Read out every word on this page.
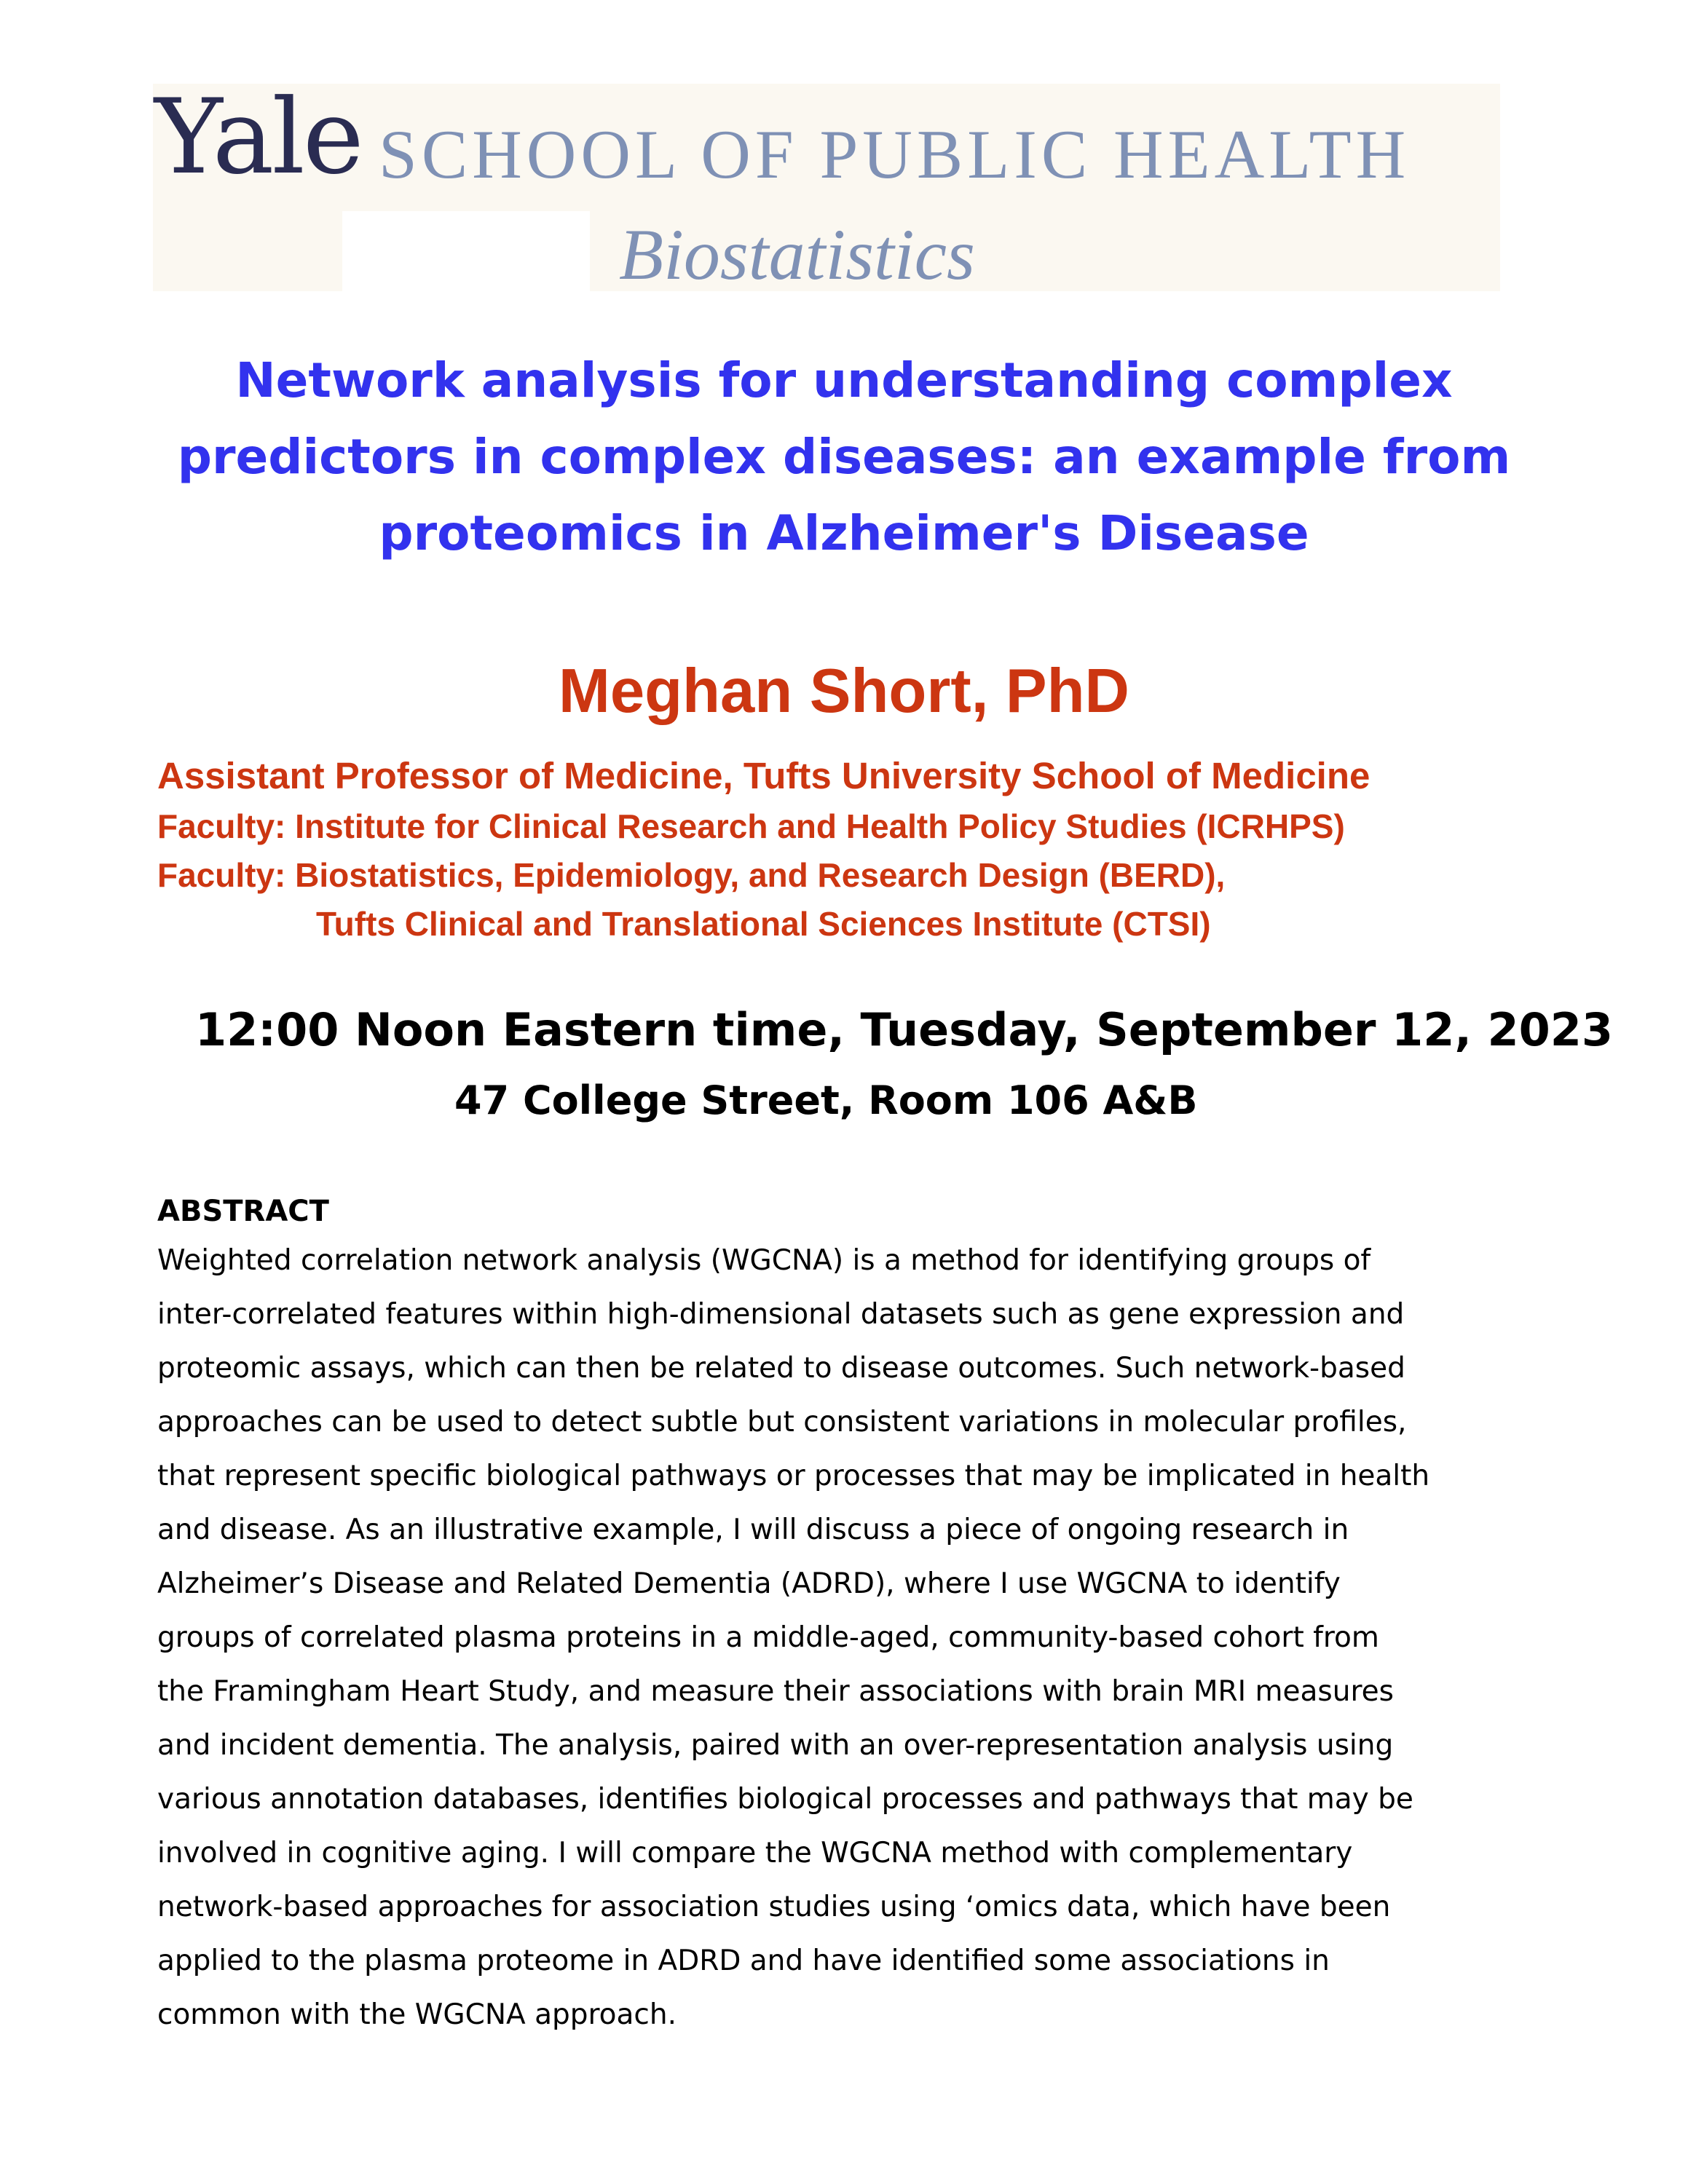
Yale SCHOOL OF PUBLIC HEALTH
Biostatistics
Network analysis for understanding complex
predictors in complex diseases: an example from
proteomics in Alzheimer's Disease
Meghan Short, PhD
Assistant Professor of Medicine, Tufts University School of Medicine
Faculty: Institute for Clinical Research and Health Policy Studies (ICRHPS)
Faculty: Biostatistics, Epidemiology, and Research Design (BERD),
Tufts Clinical and Translational Sciences Institute (CTSI)
12:00 Noon Eastern time, Tuesday, September 12, 2023
47 College Street, Room 106 A&B
ABSTRACT
Weighted correlation network analysis (WGCNA) is a method for identifying groups of
inter-correlated features within high-dimensional datasets such as gene expression and
proteomic assays, which can then be related to disease outcomes. Such network-based
approaches can be used to detect subtle but consistent variations in molecular profiles,
that represent specific biological pathways or processes that may be implicated in health
and disease. As an illustrative example, I will discuss a piece of ongoing research in
Alzheimer’s Disease and Related Dementia (ADRD), where I use WGCNA to identify
groups of correlated plasma proteins in a middle-aged, community-based cohort from
the Framingham Heart Study, and measure their associations with brain MRI measures
and incident dementia. The analysis, paired with an over-representation analysis using
various annotation databases, identifies biological processes and pathways that may be
involved in cognitive aging. I will compare the WGCNA method with complementary
network-based approaches for association studies using ‘omics data, which have been
applied to the plasma proteome in ADRD and have identified some associations in
common with the WGCNA approach.
